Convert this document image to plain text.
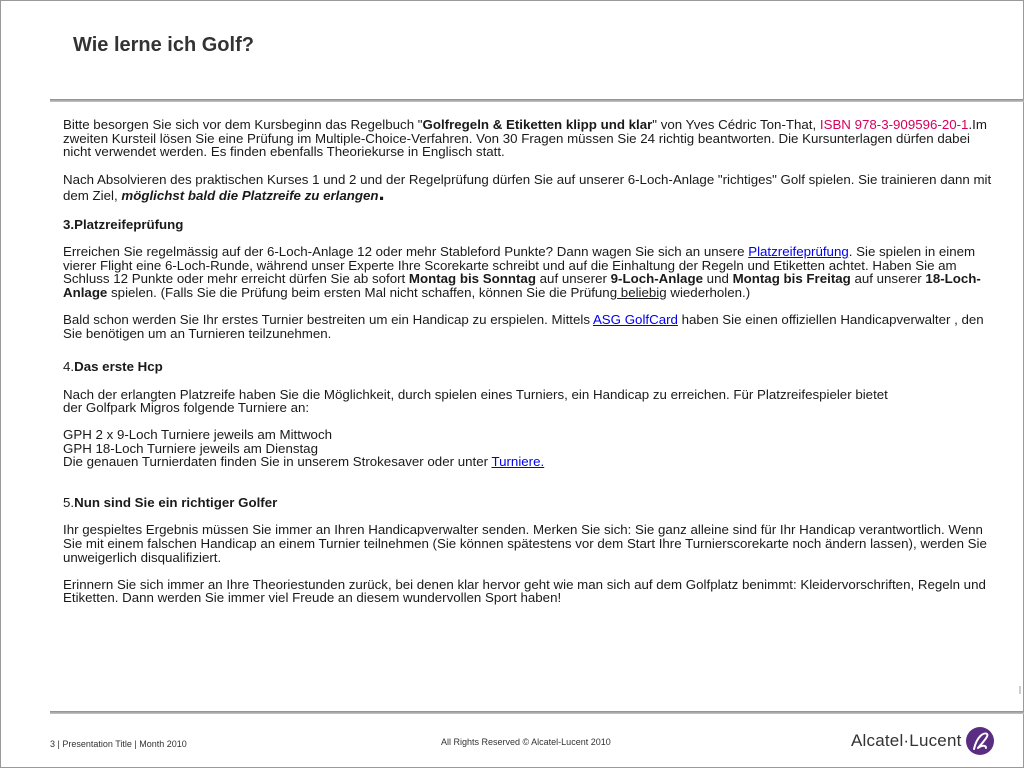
Wie lerne ich Golf?

Bitte besorgen Sie sich vor dem Kursbeginn das Regelbuch "Golfregeln & Etiketten klipp und klar" von Yves Cédric Ton-That, ISBN 978-3-909596-20-1.Im zweiten Kursteil lösen Sie eine Prüfung im Multiple-Choice-Verfahren. Von 30 Fragen müssen Sie 24 richtig beantworten. Die Kursunterlagen dürfen dabei nicht verwendet werden. Es finden ebenfalls Theoriekurse in Englisch statt.

Nach Absolvieren des praktischen Kurses 1 und 2 und der Regelprüfung dürfen Sie auf unserer 6-Loch-Anlage "richtiges" Golf spielen. Sie trainieren dann mit dem Ziel, möglichst bald die Platzreife zu erlangen.

3.Platzreifeprüfung

Erreichen Sie regelmässig auf der 6-Loch-Anlage 12 oder mehr Stableford Punkte? Dann wagen Sie sich an unsere Platzreifeprüfung. Sie spielen in einem vierer Flight eine 6-Loch-Runde, während unser Experte Ihre Scorekarte schreibt und auf die Einhaltung der Regeln und Etiketten achtet. Haben Sie am Schluss 12 Punkte oder mehr erreicht dürfen Sie ab sofort Montag bis Sonntag auf unserer 9-Loch-Anlage und Montag bis Freitag auf unserer 18-Loch-Anlage spielen. (Falls Sie die Prüfung beim ersten Mal nicht schaffen, können Sie die Prüfung beliebig wiederholen.)

Bald schon werden Sie Ihr erstes Turnier bestreiten um ein Handicap zu erspielen. Mittels ASG GolfCard haben Sie einen offiziellen Handicapverwalter , den Sie benötigen um an Turnieren teilzunehmen.

4.Das erste Hcp

Nach der erlangten Platzreife haben Sie die Möglichkeit, durch spielen eines Turniers, ein Handicap zu erreichen. Für Platzreifespieler bietet
der Golfpark Migros folgende Turniere an:

GPH 2 x 9-Loch Turniere jeweils am Mittwoch
GPH 18-Loch Turniere jeweils am Dienstag
Die genauen Turnierdaten finden Sie in unserem Strokesaver oder unter Turniere.

5.Nun sind Sie ein richtiger Golfer

Ihr gespieltes Ergebnis müssen Sie immer an Ihren Handicapverwalter senden. Merken Sie sich: Sie ganz alleine sind für Ihr Handicap verantwortlich. Wenn Sie mit einem falschen Handicap an einem Turnier teilnehmen (Sie können spätestens vor dem Start Ihre Turnierscorekarte noch ändern lassen), werden Sie unweigerlich disqualifiziert.

Erinnern Sie sich immer an Ihre Theoriestunden zurück, bei denen klar hervor geht wie man sich auf dem Golfplatz benimmt: Kleidervorschriften, Regeln und Etiketten. Dann werden Sie immer viel Freude an diesem wundervollen Sport haben!

3 | Presentation Title | Month 2010	All Rights Reserved © Alcatel-Lucent 2010	Alcatel·Lucent
